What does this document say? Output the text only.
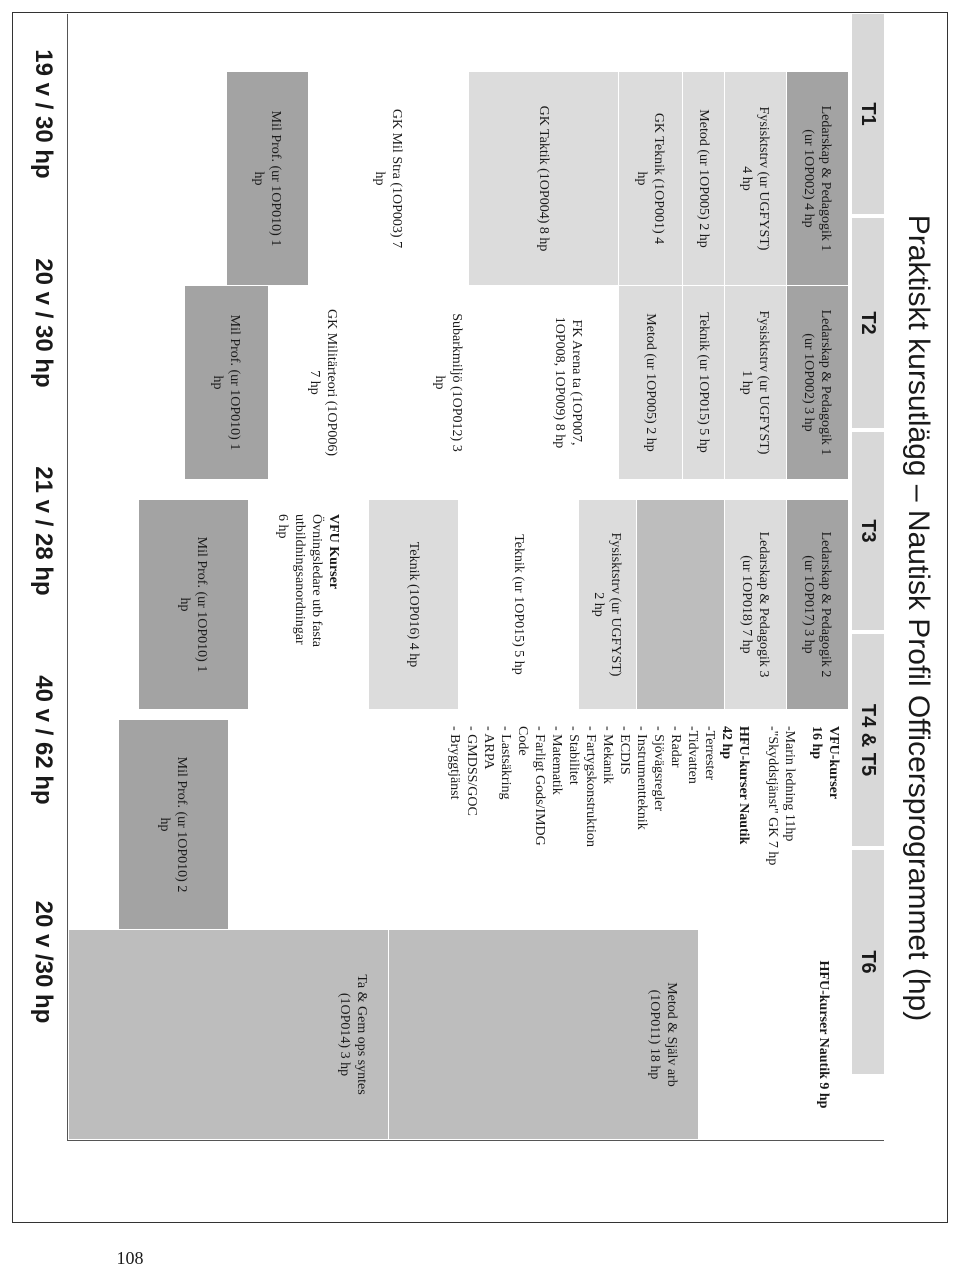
Praktiskt kursutlägg – Nautisk Profil Officersprogrammet (hp)
T1
T2
T3
T4 & T5
T6
Ledarskap & Pedagogik 1
(ur 1OP002) 4 hp
Fysisktstrv (ur UGFYST)
4 hp
Metod (ur 1OP005) 2 hp
GK Teknik (1OP001) 4
hp
GK Taktik (1OP004) 8 hp
GK Mil Stra (1OP003) 7
hp
Mil Prof. (ur 1OP010) 1
hp
Ledarskap & Pedagogik 1
(ur 1OP002) 3 hp
Fysisktstrv (ur UGFYST)
1 hp
Teknik (ur 1OP015) 5 hp
Metod (ur 1OP005) 2 hp
FK Arena ta (1OP007,
1OP008, 1OP009) 8 hp
Subarkmiljö (1OP012) 3
hp
GK Militärteori (1OP006)
7 hp
Mil Prof. (ur 1OP010) 1
hp
Ledarskap & Pedagogik 2
(ur 1OP017) 3 hp
Ledarskap & Pedagogik 3
(ur 1OP018) 7 hp
Fysisktstrv (ur UGFYST)
2 hp
Teknik (ur 1OP015) 5 hp
Teknik (1OP016) 4 hp
VFU Kurser
Övningsledare utb fasta
utbildningsanordningar
6 hp
Mil Prof. (ur 1OP010) 1
hp
VFU-kurser
16 hp
-Marin ledning 11hp
-"Skyddstjänst" GK 7 hp
HFU-kurser Nautik
42 hp
-Terrester
-Tidvatten
- Radar
- Sjövägsregler
- Instrumentteknik
- ECDIS
- Mekanik
- Fartygskonstruktion
- Stabilitet
- Matematik
- Farligt Gods/IMDG
Code
- Lastsäkring
- ARPA
- GMDSS/GOC
- Bryggtjänst
Mil Prof. (ur 1OP010) 2
hp
HFU-kurser Nautik 9 hp
Metod & Själv arb
(1OP011) 18 hp
Ta & Gem ops syntes
(1OP014) 3 hp
19 v / 30 hp
20 v / 30 hp
21 v / 28 hp
40 v / 62 hp
20 v /30 hp
108
